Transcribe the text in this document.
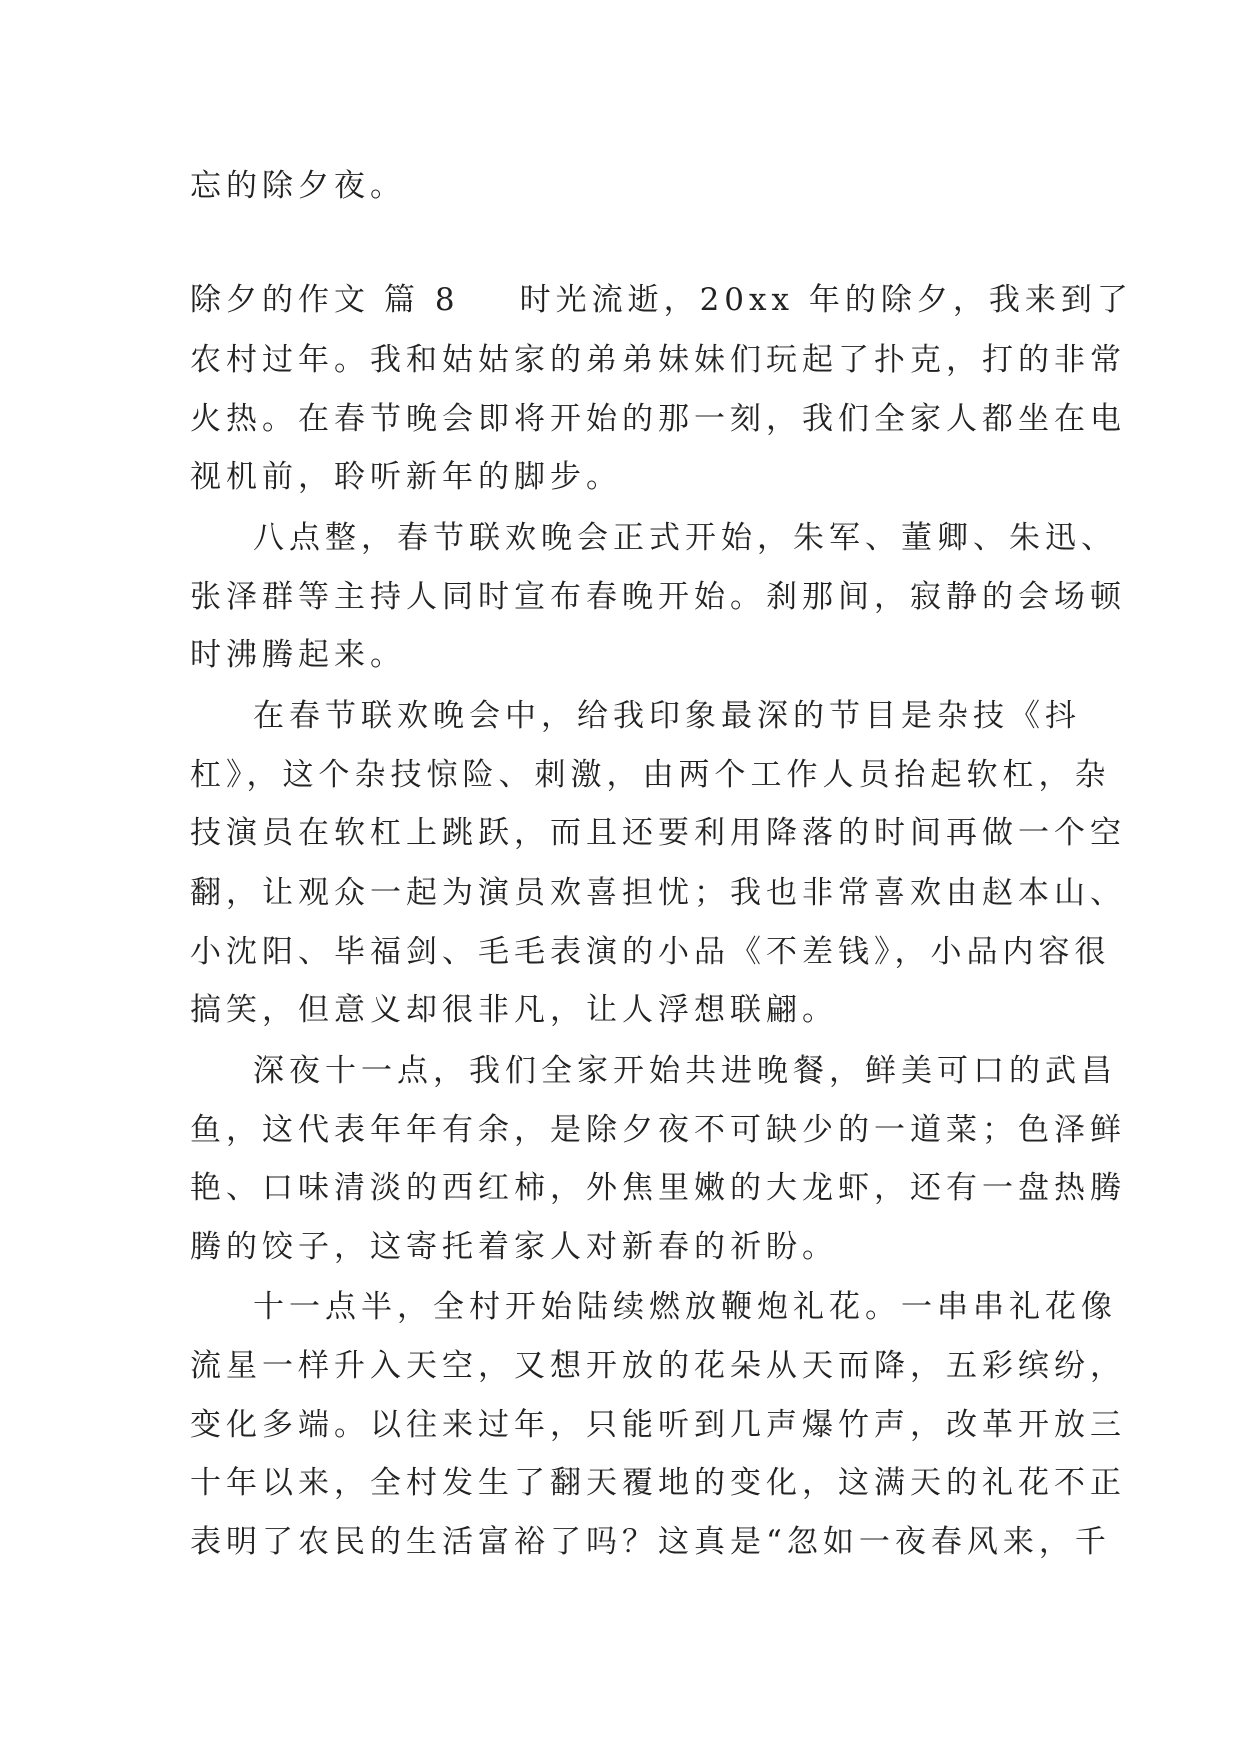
忘的除夕夜。
除夕的作文 篇 8 时光流逝，20xx 年的除夕，我来到了
农村过年。我和姑姑家的弟弟妹妹们玩起了扑克，打的非常
火热。在春节晚会即将开始的那一刻，我们全家人都坐在电
视机前，聆听新年的脚步。
八点整，春节联欢晚会正式开始，朱军、董卿、朱迅、
张泽群等主持人同时宣布春晚开始。刹那间，寂静的会场顿
时沸腾起来。
在春节联欢晚会中，给我印象最深的节目是杂技《抖
杠》，这个杂技惊险、刺激，由两个工作人员抬起软杠，杂
技演员在软杠上跳跃，而且还要利用降落的时间再做一个空
翻，让观众一起为演员欢喜担忧；我也非常喜欢由赵本山、
小沈阳、毕福剑、毛毛表演的小品《不差钱》，小品内容很
搞笑，但意义却很非凡，让人浮想联翩。
深夜十一点，我们全家开始共进晚餐，鲜美可口的武昌
鱼，这代表年年有余，是除夕夜不可缺少的一道菜；色泽鲜
艳、口味清淡的西红柿，外焦里嫩的大龙虾，还有一盘热腾
腾的饺子，这寄托着家人对新春的祈盼。
十一点半，全村开始陆续燃放鞭炮礼花。一串串礼花像
流星一样升入天空，又想开放的花朵从天而降，五彩缤纷，
变化多端。以往来过年，只能听到几声爆竹声，改革开放三
十年以来，全村发生了翻天覆地的变化，这满天的礼花不正
表明了农民的生活富裕了吗？这真是“忽如一夜春风来，千
